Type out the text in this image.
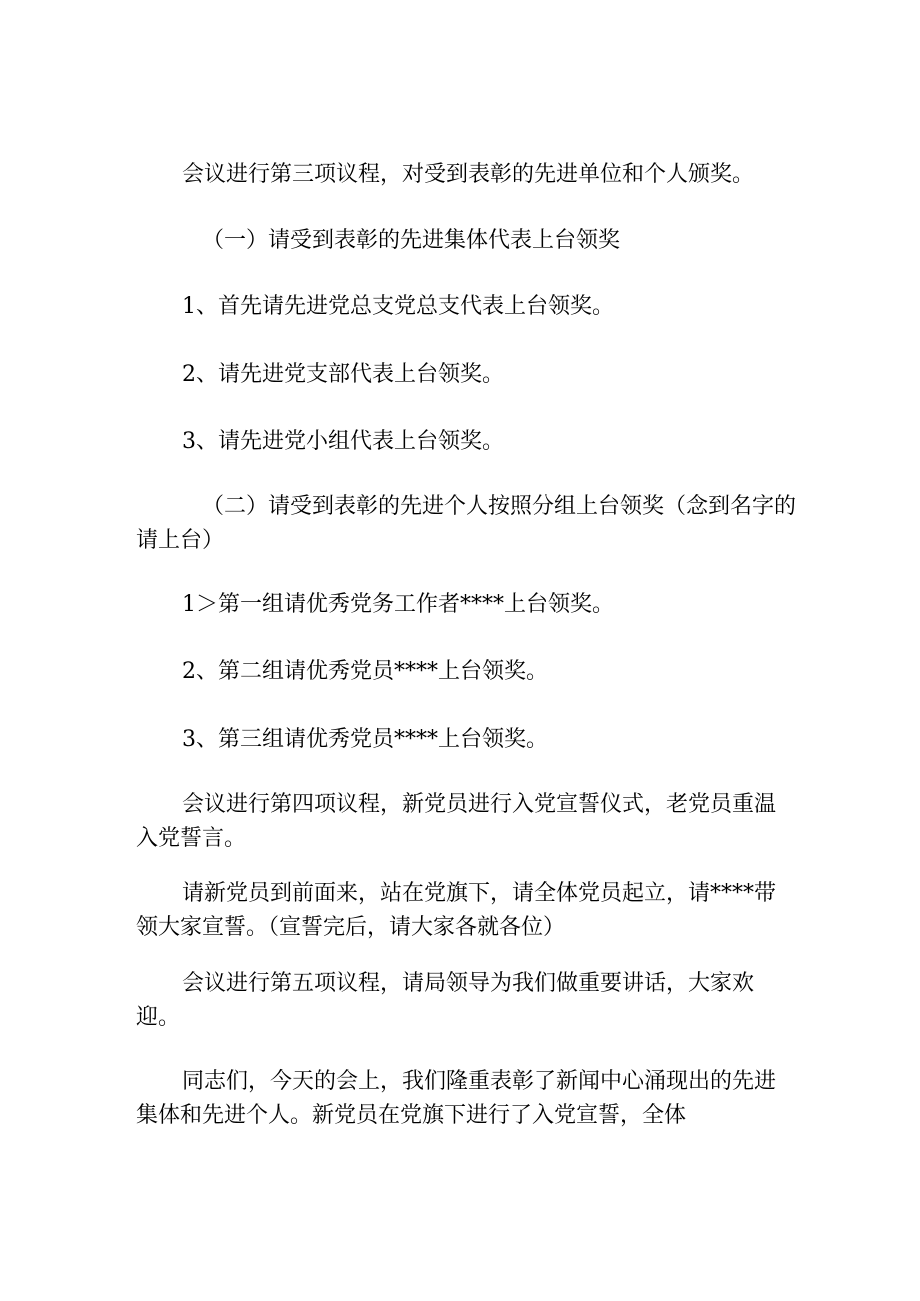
会议进行第三项议程，对受到表彰的先进单位和个人颁奖。
（一）请受到表彰的先进集体代表上台领奖
1、首先请先进党总支党总支代表上台领奖。
2、请先进党支部代表上台领奖。
3、请先进党小组代表上台领奖。
（二）请受到表彰的先进个人按照分组上台领奖（念到名字的请上台）
1＞第一组请优秀党务工作者****上台领奖。
2、第二组请优秀党员****上台领奖。
3、第三组请优秀党员****上台领奖。
会议进行第四项议程，新党员进行入党宣誓仪式，老党员重温入党誓言。
请新党员到前面来，站在党旗下，请全体党员起立，请****带领大家宣誓。（宣誓完后，请大家各就各位）
会议进行第五项议程，请局领导为我们做重要讲话，大家欢迎。
同志们，今天的会上，我们隆重表彰了新闻中心涌现出的先进集体和先进个人。新党员在党旗下进行了入党宣誓，全体
